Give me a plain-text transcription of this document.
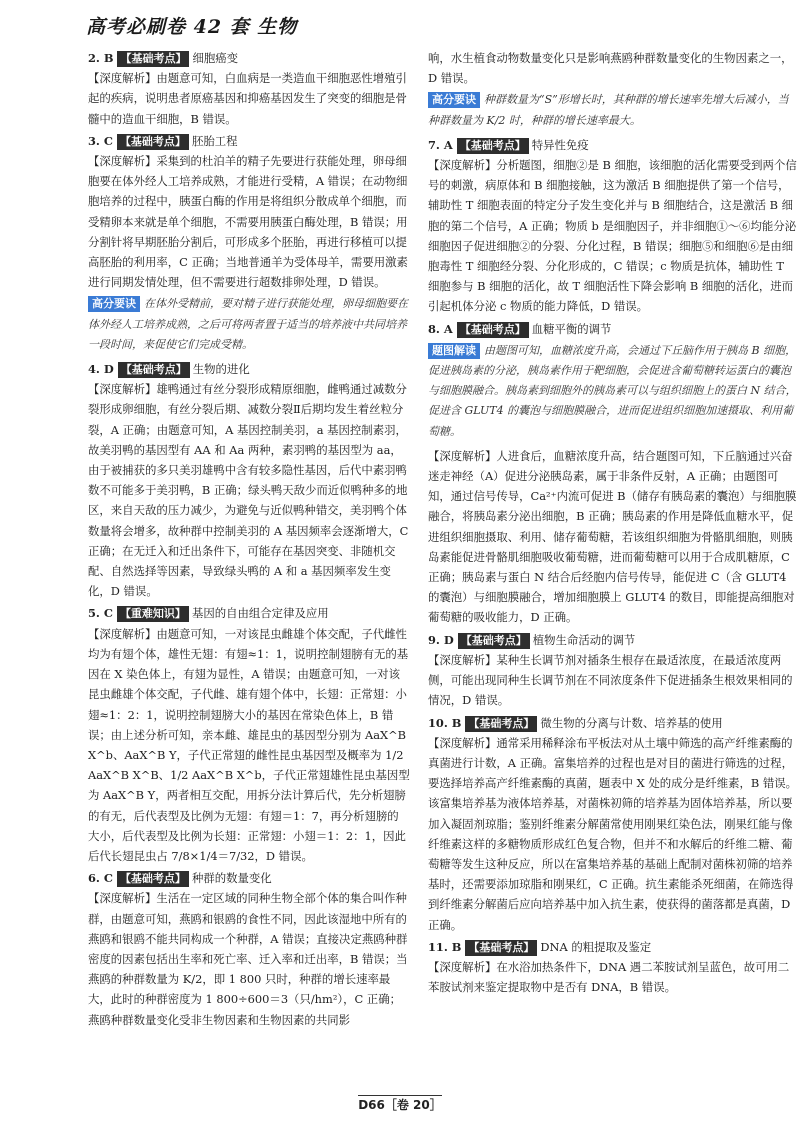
高考必刷卷 42 套 生物
2. B 【基础考点】 细胞癌变

【深度解析】由题意可知，白血病是一类造血干细胞恶性增殖引起的疾病，说明患者原癌基因和抑癌基因发生了突变的细胞是骨髓中的造血干细胞，B 错误。

3. C 【基础考点】 胚胎工程

【深度解析】采集到的杜泊羊的精子先要进行获能处理，卵母细胞要在体外经人工培养成熟，才能进行受精，A 错误；在动物细胞培养的过程中，胰蛋白酶的作用是将组织分散成单个细胞，而受精卵本来就是单个细胞，不需要用胰蛋白酶处理，B 错误；用分割针将早期胚胎分割后，可形成多个胚胎，再进行移植可以提高胚胎的利用率，C 正确；当地普通羊为受体母羊，需要用激素进行同期发情处理，但不需要进行超数排卵处理，D 错误。

高分要诀 在体外受精前，要对精子进行获能处理，卵母细胞要在体外经人工培养成熟，之后可将两者置于适当的培养液中共同培养一段时间，来促使它们完成受精。
4. D 【基础考点】 生物的进化

【深度解析】雄鸭通过有丝分裂形成精原细胞，雌鸭通过减数分裂形成卵细胞，有丝分裂后期、减数分裂Ⅱ后期均发生着丝粒分裂，A 正确；由题意可知，A 基因控制美羽，a 基因控制素羽，故美羽鸭的基因型有 AA 和 Aa 两种，素羽鸭的基因型为 aa，由于被捕获的多只美羽雄鸭中含有较多隐性基因，后代中素羽鸭数不可能多于美羽鸭，B 正确；绿头鸭天敌少而近似鸭种多的地区，来自天敌的压力减少，为避免与近似鸭种错交，美羽鸭个体数量将会增多，故种群中控制美羽的 A 基因频率会逐渐增大，C 正确；在无迁入和迁出条件下，可能存在基因突变、非随机交配、自然选择等因素，导致绿头鸭的 A 和 a 基因频率发生变化，D 错误。

5. C 【重难知识】 基因的自由组合定律及应用

【深度解析】由题意可知，一对该昆虫雌雄个体交配，子代雌性均为有翅个体，雄性无翅：有翅≈1：1，说明控制翅膀有无的基因在 X 染色体上，有翅为显性，A 错误；由题意可知，一对该昆虫雌雄个体交配，子代雌、雄有翅个体中，长翅：正常翅：小翅≈1：2：1，说明控制翅膀大小的基因在常染色体上，B 错误；由上述分析可知，亲本雌、雄昆虫的基因型分别为 AaX^B X^b、AaX^B Y，子代正常翅的雌性昆虫基因型及概率为 1/2 AaX^B X^B、1/2 AaX^B X^b，子代正常翅雄性昆虫基因型为 AaX^B Y，两者相互交配，用拆分法计算后代，先分析翅膀的有无，后代表型及比例为无翅：有翅＝1：7，再分析翅膀的大小，后代表型及比例为长翅：正常翅：小翅＝1：2：1，因此后代长翅昆虫占 7/8×1/4＝7/32，D 错误。

6. C 【基础考点】 种群的数量变化

【深度解析】生活在一定区域的同种生物全部个体的集合叫作种群，由题意可知，燕鸥和银鸥的食性不同，因此该湿地中所有的燕鸥和银鸥不能共同构成一个种群，A 错误；直接决定燕鸥种群密度的因素包括出生率和死亡率、迁入率和迁出率，B 错误；当燕鸥的种群数量为 K/2，即 1 800 只时，种群的增长速率最大，此时的种群密度为 1 800÷600＝3（只/hm²），C 正确；燕鸥种群数量变化受非生物因素和生物因素的共同影

响，水生植食动物数量变化只是影响燕鸥种群数量变化的生物因素之一，D 错误。

高分要诀 种群数量为“S”形增长时，其种群的增长速率先增大后减小，当种群数量为 K/2 时，种群的增长速率最大。
7. A 【基础考点】 特异性免疫

【深度解析】分析题图，细胞②是 B 细胞，该细胞的活化需要受到两个信号的刺激，病原体和 B 细胞接触，这为激活 B 细胞提供了第一个信号，辅助性 T 细胞表面的特定分子发生变化并与 B 细胞结合，这是激活 B 细胞的第二个信号，A 正确；物质 b 是细胞因子，并非细胞①～⑥均能分泌细胞因子促进细胞②的分裂、分化过程，B 错误；细胞⑤和细胞⑥是由细胞毒性 T 细胞经分裂、分化形成的，C 错误；c 物质是抗体，辅助性 T 细胞参与 B 细胞的活化，故 T 细胞活性下降会影响 B 细胞的活化，进而引起机体分泌 c 物质的能力降低，D 错误。

8. A 【基础考点】 血糖平衡的调节
题图解读 由题图可知，血糖浓度升高，会通过下丘脑作用于胰岛 B 细胞，促进胰岛素的分泌，胰岛素作用于靶细胞，会促进含葡萄糖转运蛋白的囊泡与细胞膜融合。胰岛素到细胞外的胰岛素可以与组织细胞上的蛋白 N 结合，促进含 GLUT4 的囊泡与细胞膜融合，进而促进组织细胞加速摄取、利用葡萄糖。

【深度解析】人进食后，血糖浓度升高，结合题图可知，下丘脑通过兴奋迷走神经（A）促进分泌胰岛素，属于非条件反射，A 正确；由题图可知，通过信号传导，Ca²⁺内流可促进 B（储存有胰岛素的囊泡）与细胞膜融合，将胰岛素分泌出细胞，B 正确；胰岛素的作用是降低血糖水平，促进组织细胞摄取、利用、储存葡萄糖，若该组织细胞为骨骼肌细胞，则胰岛素能促进骨骼肌细胞吸收葡萄糖，进而葡萄糖可以用于合成肌糖原，C 正确；胰岛素与蛋白 N 结合后经胞内信号传导，能促进 C（含 GLUT4 的囊泡）与细胞膜融合，增加细胞膜上 GLUT4 的数目，即能提高细胞对葡萄糖的吸收能力，D 正确。

9. D 【基础考点】 植物生命活动的调节

【深度解析】某种生长调节剂对插条生根存在最适浓度，在最适浓度两侧，可能出现同种生长调节剂在不同浓度条件下促进插条生根效果相同的情况，D 错误。

10. B 【基础考点】 微生物的分离与计数、培养基的使用

【深度解析】通常采用稀释涂布平板法对从土壤中筛选的高产纤维素酶的真菌进行计数，A 正确。富集培养的过程也是对目的菌进行筛选的过程，要选择培养高产纤维素酶的真菌，题表中 X 处的成分是纤维素，B 错误。该富集培养基为液体培养基，对菌株初筛的培养基为固体培养基，所以要加入凝固剂琼脂；鉴别纤维素分解菌常使用刚果红染色法，刚果红能与像纤维素这样的多糖物质形成红色复合物，但并不和水解后的纤维二糖、葡萄糖等发生这种反应，所以在富集培养基的基础上配制对菌株初筛的培养基时，还需要添加琼脂和刚果红，C 正确。抗生素能杀死细菌，在筛选得到纤维素分解菌后应向培养基中加入抗生素，使获得的菌落都是真菌，D 正确。

11. B 【基础考点】 DNA 的粗提取及鉴定

【深度解析】在水浴加热条件下，DNA 遇二苯胺试剂呈蓝色，故可用二苯胺试剂来鉴定提取物中是否有 DNA，B 错误。

D66［卷 20］
